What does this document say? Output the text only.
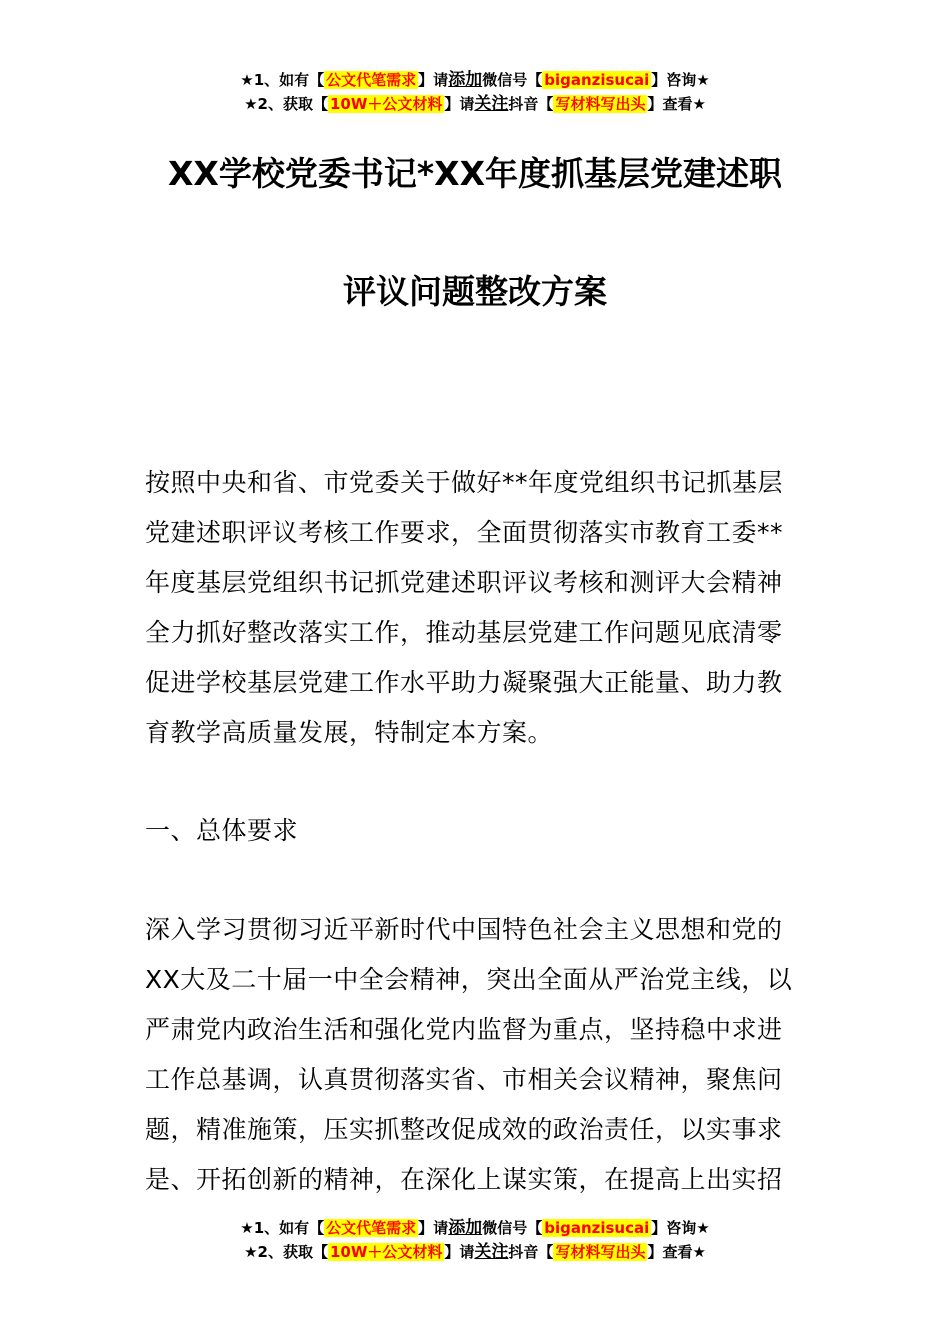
★1、如有【 公文代笔需求 】请添加微信号【 biganzisucai 】咨询★
★2、获取【 10W＋公文材料 】请关注抖音【 写材料写出头 】查看★
XX学校党委书记*XX年度抓基层党建述职
评议问题整改方案
按照中央和省、市党委关于做好**年度党组织书记抓基层
党建述职评议考核工作要求，全面贯彻落实市教育工委**
年度基层党组织书记抓党建述职评议考核和测评大会精神
全力抓好整改落实工作，推动基层党建工作问题见底清零
促进学校基层党建工作水平助力凝聚强大正能量、助力教
育教学高质量发展，特制定本方案。
一、总体要求
深入学习贯彻习近平新时代中国特色社会主义思想和党的
XX大及二十届一中全会精神，突出全面从严治党主线，以
严肃党内政治生活和强化党内监督为重点，坚持稳中求进
工作总基调，认真贯彻落实省、市相关会议精神，聚焦问
题，精准施策，压实抓整改促成效的政治责任，以实事求
是、开拓创新的精神，在深化上谋实策，在提高上出实招
★1、如有【 公文代笔需求 】请添加微信号【 biganzisucai 】咨询★
★2、获取【 10W＋公文材料 】请关注抖音【 写材料写出头 】查看★
